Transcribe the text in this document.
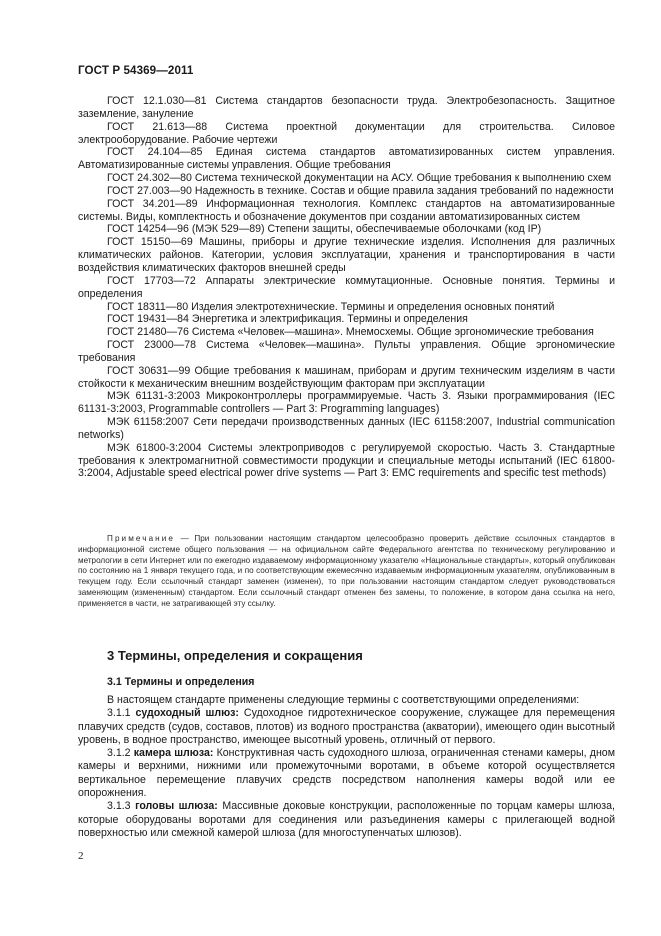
ГОСТ Р 54369—2011

ГОСТ 12.1.030—81 Система стандартов безопасности труда. Электробезопасность. Защитное заземление, зануление

ГОСТ 21.613—88 Система проектной документации для строительства. Силовое электрооборудование. Рабочие чертежи

ГОСТ 24.104—85 Единая система стандартов автоматизированных систем управления. Автоматизированные системы управления. Общие требования

ГОСТ 24.302—80 Система технической документации на АСУ. Общие требования к выполнению схем

ГОСТ 27.003—90 Надежность в технике. Состав и общие правила задания требований по надежности

ГОСТ 34.201—89 Информационная технология. Комплекс стандартов на автоматизированные системы. Виды, комплектность и обозначение документов при создании автоматизированных систем

ГОСТ 14254—96 (МЭК 529—89) Степени защиты, обеспечиваемые оболочками (код IP)

ГОСТ 15150—69 Машины, приборы и другие технические изделия. Исполнения для различных климатических районов. Категории, условия эксплуатации, хранения и транспортирования в части воздействия климатических факторов внешней среды

ГОСТ 17703—72 Аппараты электрические коммутационные. Основные понятия. Термины и определения

ГОСТ 18311—80 Изделия электротехнические. Термины и определения основных понятий

ГОСТ 19431—84 Энергетика и электрификация. Термины и определения

ГОСТ 21480—76 Система «Человек—машина». Мнемосхемы. Общие эргономические требования

ГОСТ 23000—78 Система «Человек—машина». Пульты управления. Общие эргономические требования

ГОСТ 30631—99 Общие требования к машинам, приборам и другим техническим изделиям в части стойкости к механическим внешним воздействующим факторам при эксплуатации

МЭК 61131-3:2003 Микроконтроллеры программируемые. Часть 3. Языки программирования (IEC 61131-3:2003, Programmable controllers — Part 3: Programming languages)

МЭК 61158:2007 Сети передачи производственных данных (IEC 61158:2007, Industrial communication networks)

МЭК 61800-3:2004 Системы электроприводов с регулируемой скоростью. Часть 3. Стандартные требования к электромагнитной совместимости продукции и специальные методы испытаний (IEC 61800-3:2004, Adjustable speed electrical power drive systems — Part 3: EMC requirements and specific test methods)

Примечание — При пользовании настоящим стандартом целесообразно проверить действие ссылочных стандартов в информационной системе общего пользования — на официальном сайте Федерального агентства по техническому регулированию и метрологии в сети Интернет или по ежегодно издаваемому информационному указателю «Национальные стандарты», который опубликован по состоянию на 1 января текущего года, и по соответствующим ежемесячно издаваемым информационным указателям, опубликованным в текущем году. Если ссылочный стандарт заменен (изменен), то при пользовании настоящим стандартом следует руководствоваться заменяющим (измененным) стандартом. Если ссылочный стандарт отменен без замены, то положение, в котором дана ссылка на него, применяется в части, не затрагивающей эту ссылку.

3 Термины, определения и сокращения
3.1 Термины и определения

В настоящем стандарте применены следующие термины с соответствующими определениями:

3.1.1 судоходный шлюз: Судоходное гидротехническое сооружение, служащее для перемещения плавучих средств (судов, составов, плотов) из водного пространства (акватории), имеющего один высотный уровень, в водное пространство, имеющее высотный уровень, отличный от первого.

3.1.2 камера шлюза: Конструктивная часть судоходного шлюза, ограниченная стенами камеры, дном камеры и верхними, нижними или промежуточными воротами, в объеме которой осуществляется вертикальное перемещение плавучих средств посредством наполнения камеры водой или ее опорожнения.

3.1.3 головы шлюза: Массивные доковые конструкции, расположенные по торцам камеры шлюза, которые оборудованы воротами для соединения или разъединения камеры с прилегающей водной поверхностью или смежной камерой шлюза (для многоступенчатых шлюзов).

2
